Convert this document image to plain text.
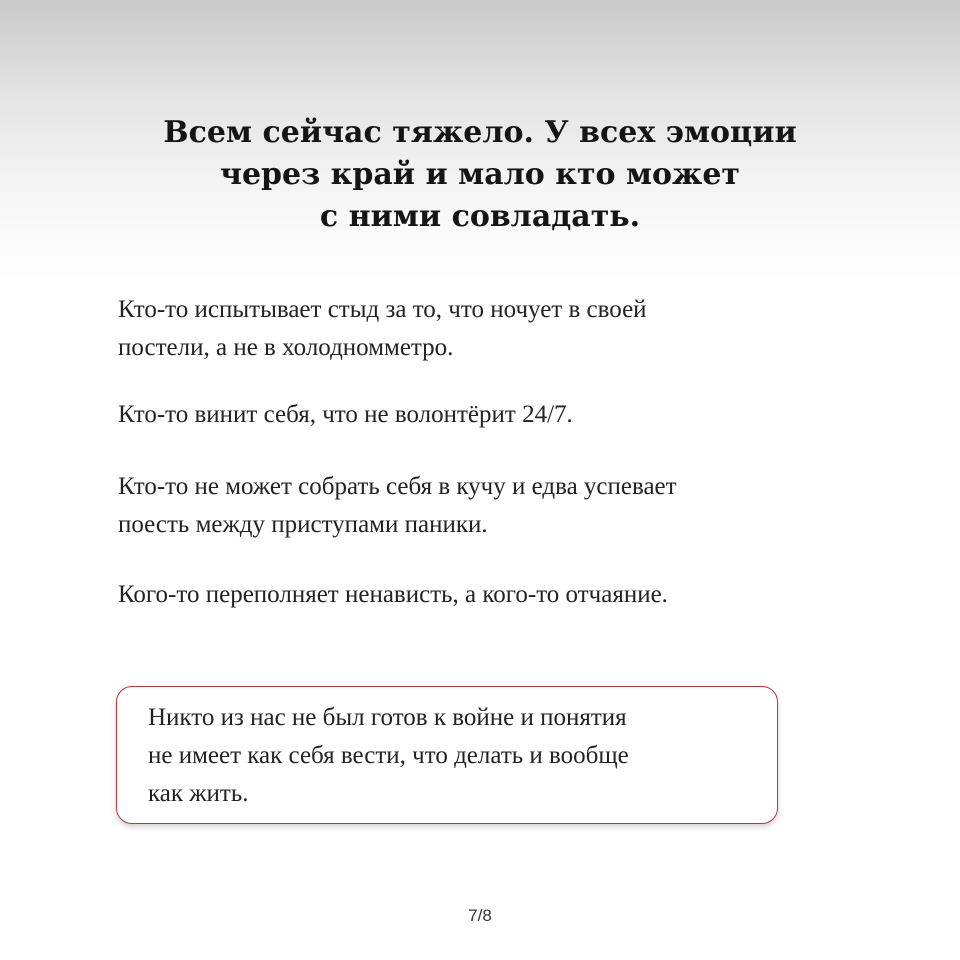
Всем сейчас тяжело. У всех эмоции
через край и мало кто может
с ними совладать.

Кто-то испытывает стыд за то, что ночует в своей
постели, а не в холодномметро.

Кто-то винит себя, что не волонтёрит 24/7.

Кто-то не может собрать себя в кучу и едва успевает
поесть между приступами паники.

Кого-то переполняет ненависть, а кого-то отчаяние.

Никто из нас не был готов к войне и понятия
не имеет как себя вести, что делать и вообще
как жить.

7/8
